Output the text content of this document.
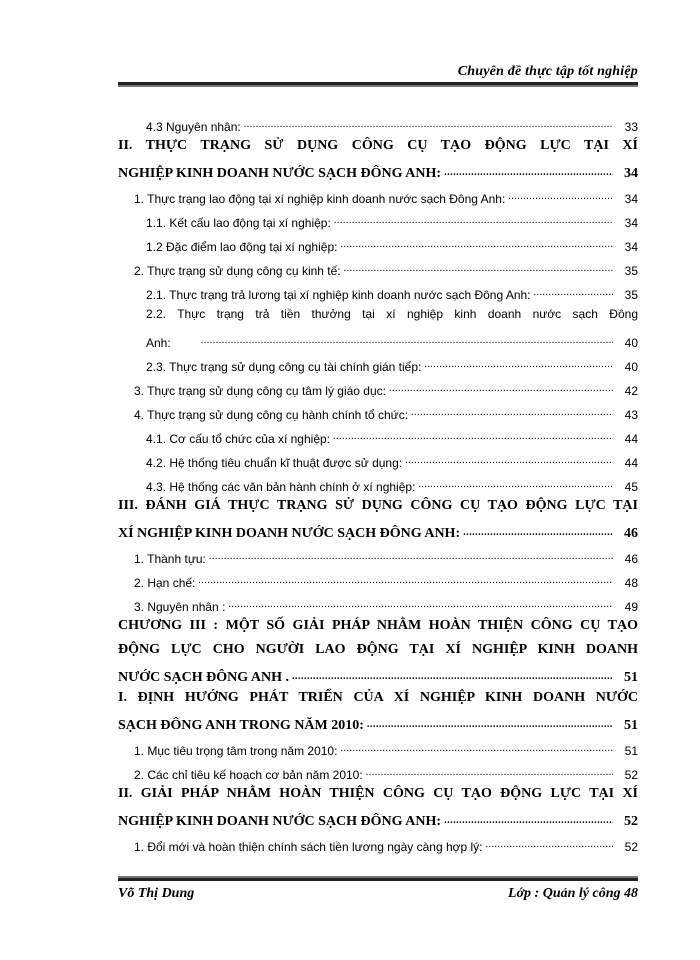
Chuyên đề thực tập tốt nghiệp
4.3 Nguyên nhân: .....	33
II. THỰC TRẠNG SỬ DỤNG CÔNG CỤ TẠO ĐỘNG LỰC TẠI XÍ
NGHIỆP KINH DOANH NƯỚC SẠCH ĐÔNG ANH: .....	34
1. Thực trạng lao động tại xí nghiệp kinh doanh nước sạch Đông Anh: .....	34
1.1. Kết cấu lao động tại xí nghiệp: .....	34
1.2 Đặc điểm lao động tại xí nghiệp: .....	34
2. Thực trạng sử dụng công cụ kinh tế: .....	35
2.1. Thực trạng trả lương tại xí nghiệp kinh doanh nước sạch Đông Anh: .....	35
2.2. Thực trạng trả tiền thưởng tại xí nghiệp kinh doanh nước sạch Đông
Anh: .....	40
2.3. Thực trạng sử dụng công cụ tài chính gián tiếp: .....	40
3. Thực trạng sử dụng công cụ tâm lý giáo dục: .....	42
4. Thực trạng sử dụng công cụ hành chính tổ chức: .....	43
4.1. Cơ cấu tổ chức của xí nghiệp: .....	44
4.2. Hệ thống tiêu chuẩn kĩ thuật được sử dụng: .....	44
4.3. Hệ thống các văn bản hành chính ở xí nghiệp: .....	45
III. ĐÁNH GIÁ THỰC TRẠNG SỬ DỤNG CÔNG CỤ TẠO ĐỘNG LỰC TẠI
XÍ NGHIỆP KINH DOANH NƯỚC SẠCH ĐÔNG ANH: .....	46
1. Thành tựu: .....	46
2. Hạn chế: .....	48
3. Nguyên nhân : .....	49
CHƯƠNG III : MỘT SỐ GIẢI PHÁP NHẰM HOÀN THIỆN CÔNG CỤ TẠO
ĐỘNG LỰC CHO NGƯỜI LAO ĐỘNG TẠI XÍ NGHIỆP KINH DOANH
NƯỚC SẠCH ĐÔNG ANH . .....	51
I. ĐỊNH HƯỚNG PHÁT TRIỂN CỦA XÍ NGHIỆP KINH DOANH NƯỚC
SẠCH ĐÔNG ANH TRONG NĂM 2010: .....	51
1. Mục tiêu trọng tâm trong năm 2010: .....	51
2. Các chỉ tiêu kế hoạch cơ bản năm 2010: .....	52
II. GIẢI PHÁP NHẰM HOÀN THIỆN CÔNG CỤ TẠO ĐỘNG LỰC TẠI XÍ
NGHIỆP KINH DOANH NƯỚC SẠCH ĐÔNG ANH: .....	52
1. Đổi mới và hoàn thiện chính sách tiền lương ngày càng hợp lý: .....	52
Võ Thị Dung	Lớp : Quản lý công 48
